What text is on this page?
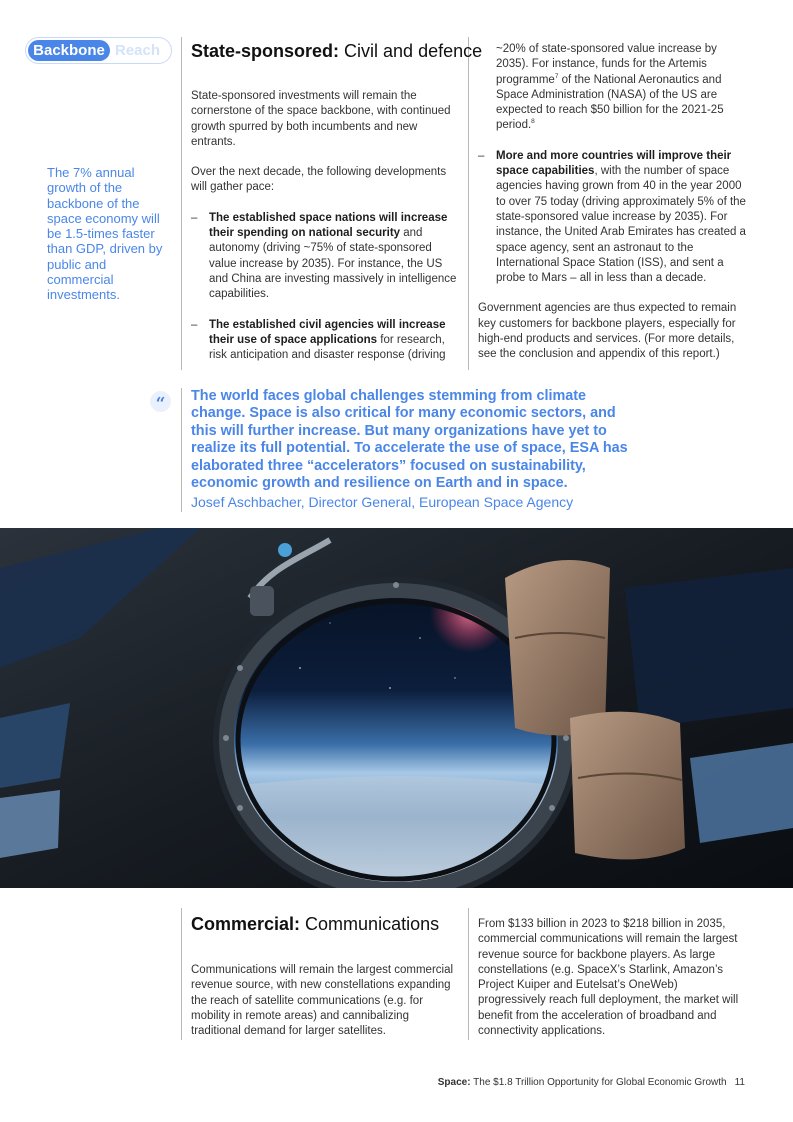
Backbone Reach
The 7% annual growth of the backbone of the space economy will be 1.5-times faster than GDP, driven by public and commercial investments.
State-sponsored: Civil and defence

State-sponsored investments will remain the cornerstone of the space backbone, with continued growth spurred by both incumbents and new entrants.

Over the next decade, the following developments will gather pace:

– The established space nations will increase their spending on national security and autonomy (driving ~75% of state-sponsored value increase by 2035). For instance, the US and China are investing massively in intelligence capabilities.
– The established civil agencies will increase their use of space applications for research, risk anticipation and disaster response (driving
~20% of state-sponsored value increase by 2035). For instance, funds for the Artemis programme$^7$ of the National Aeronautics and Space Administration (NASA) of the US are expected to reach $50 billion for the 2021-25 period.$^8$
– More and more countries will improve their space capabilities, with the number of space agencies having grown from 40 in the year 2000 to over 75 today (driving approximately 5% of the state-sponsored value increase by 2035). For instance, the United Arab Emirates has created a space agency, sent an astronaut to the International Space Station (ISS), and sent a probe to Mars – all in less than a decade.

Government agencies are thus expected to remain key customers for backbone players, especially for high-end products and services. (For more details, see the conclusion and appendix of this report.)

“	The world faces global challenges stemming from climate change. Space is also critical for many economic sectors, and this will further increase. But many organizations have yet to realize its full potential. To accelerate the use of space, ESA has elaborated three “accelerators” focused on sustainability, economic growth and resilience on Earth and in space.
Josef Aschbacher, Director General, European Space Agency
Commercial: Communications

Communications will remain the largest commercial revenue source, with new constellations expanding the reach of satellite communications (e.g. for mobility in remote areas) and cannibalizing traditional demand for larger satellites.

From $133 billion in 2023 to $218 billion in 2035, commercial communications will remain the largest revenue source for backbone players. As large constellations (e.g. SpaceX’s Starlink, Amazon’s Project Kuiper and Eutelsat’s OneWeb) progressively reach full deployment, the market will benefit from the acceleration of broadband and connectivity applications.

Space: The $1.8 Trillion Opportunity for Global Economic Growth 11
